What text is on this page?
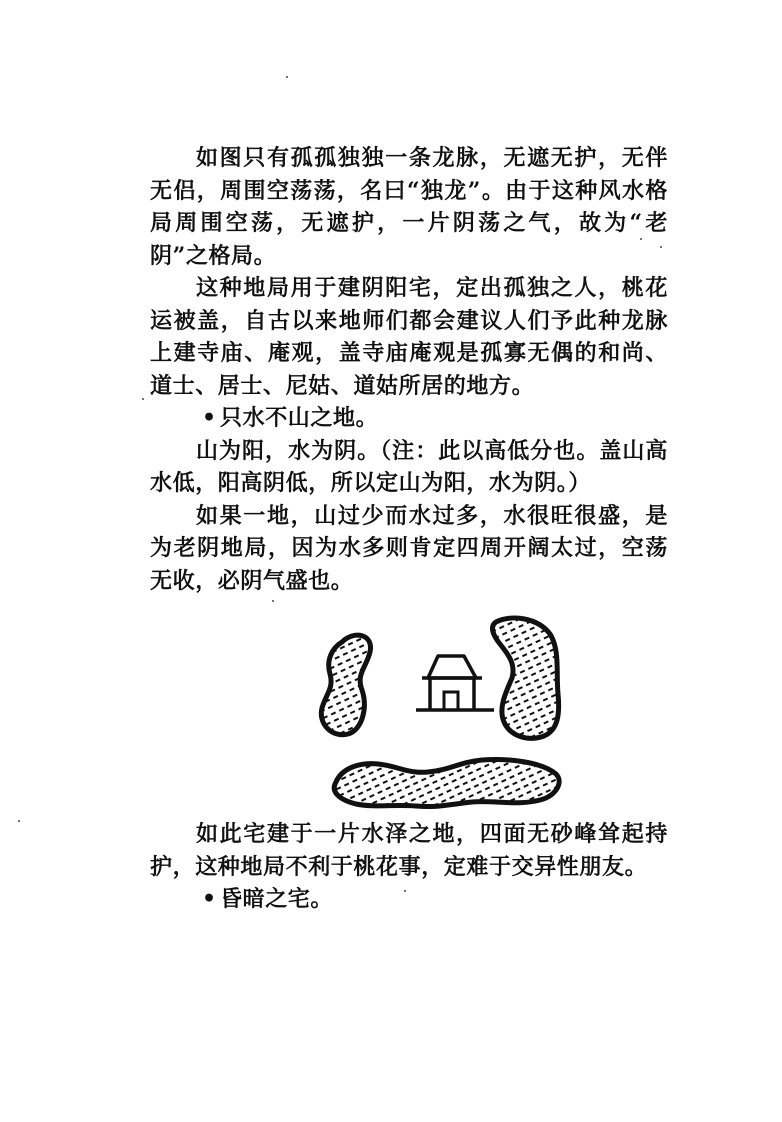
如图只有孤孤独独一条龙脉，无遮无护，无伴无侣，周围空荡荡，名曰“独龙”。由于这种风水格局周围空荡，无遮护，一片阴荡之气，故为“老阴”之格局。

这种地局用于建阴阳宅，定出孤独之人，桃花运被盖，自古以来地师们都会建议人们予此种龙脉上建寺庙、庵观，盖寺庙庵观是孤寡无偶的和尚、道士、居士、尼姑、道姑所居的地方。

• 只水不山之地。

山为阳，水为阴。（注：此以高低分也。盖山高水低，阳高阴低，所以定山为阳，水为阴。）

如果一地，山过少而水过多，水很旺很盛，是为老阴地局，因为水多则肯定四周开阔太过，空荡无收，必阴气盛也。

如此宅建于一片水泽之地，四面无砂峰耸起持护，这种地局不利于桃花事，定难于交异性朋友。

• 昏暗之宅。
